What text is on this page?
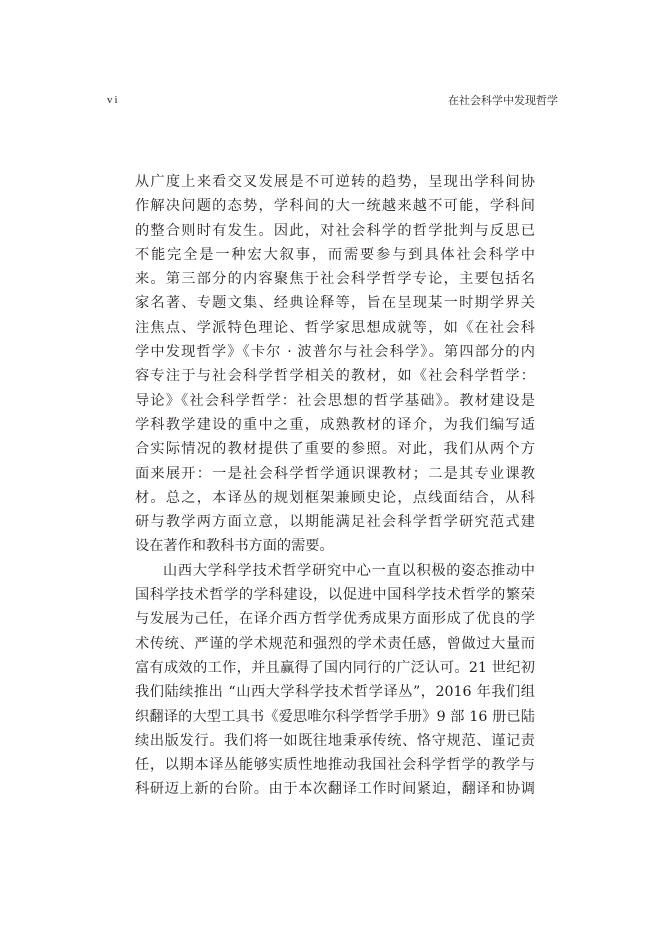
vi	在社会科学中发现哲学
从广度上来看交叉发展是不可逆转的趋势，呈现出学科间协
作解决问题的态势，学科间的大一统越来越不可能，学科间
的整合则时有发生。因此，对社会科学的哲学批判与反思已
不能完全是一种宏大叙事，而需要参与到具体社会科学中
来。第三部分的内容聚焦于社会科学哲学专论，主要包括名
家名著、专题文集、经典诠释等，旨在呈现某一时期学界关
注焦点、学派特色理论、哲学家思想成就等，如《在社会科
学中发现哲学》《卡尔 · 波普尔与社会科学》。第四部分的内
容专注于与社会科学哲学相关的教材，如《社会科学哲学：
导论》《社会科学哲学：社会思想的哲学基础》。教材建设是
学科教学建设的重中之重，成熟教材的译介，为我们编写适
合实际情况的教材提供了重要的参照。对此，我们从两个方
面来展开：一是社会科学哲学通识课教材；二是其专业课教
材。总之，本译丛的规划框架兼顾史论，点线面结合，从科
研与教学两方面立意，以期能满足社会科学哲学研究范式建
设在著作和教科书方面的需要。
山西大学科学技术哲学研究中心一直以积极的姿态推动中
国科学技术哲学的学科建设，以促进中国科学技术哲学的繁荣
与发展为己任，在译介西方哲学优秀成果方面形成了优良的学
术传统、严谨的学术规范和强烈的学术责任感，曾做过大量而
富有成效的工作，并且赢得了国内同行的广泛认可。21 世纪初
我们陆续推出 “山西大学科学技术哲学译丛”，2016 年我们组
织翻译的大型工具书《爱思唯尔科学哲学手册》9 部 16 册已陆
续出版发行。我们将一如既往地秉承传统、恪守规范、谨记责
任，以期本译丛能够实质性地推动我国社会科学哲学的教学与
科研迈上新的台阶。由于本次翻译工作时间紧迫，翻译和协调
